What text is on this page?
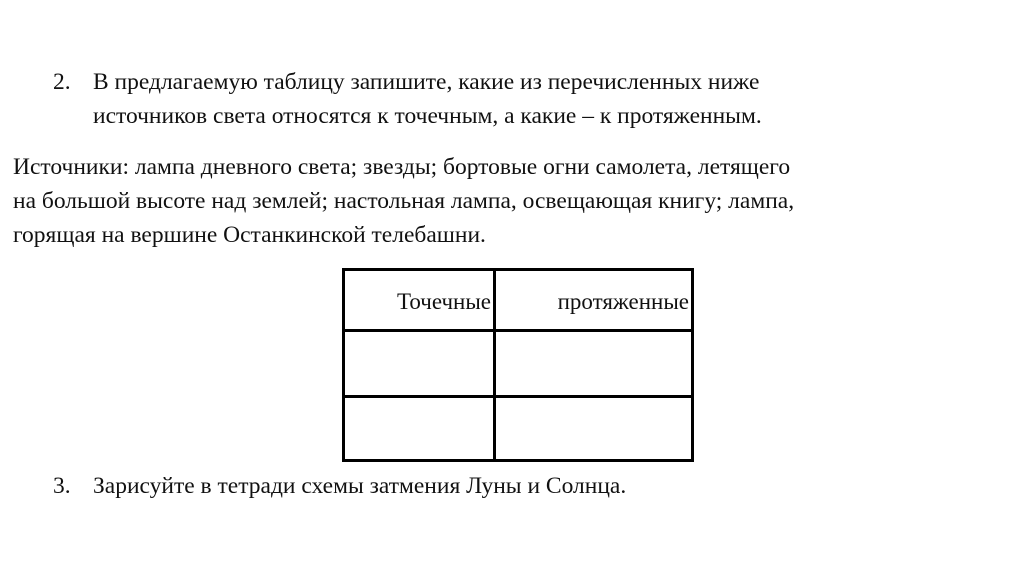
2. В предлагаемую таблицу запишите, какие из перечисленных ниже
источников света относятся к точечным, а какие – к протяженным.
Источники: лампа дневного света; звезды; бортовые огни самолета, летящего
на большой высоте над землей; настольная лампа, освещающая книгу; лампа,
горящая на вершине Останкинской телебашни.
Точечные	протяженные

3. Зарисуйте в тетради схемы затмения Луны и Солнца.
